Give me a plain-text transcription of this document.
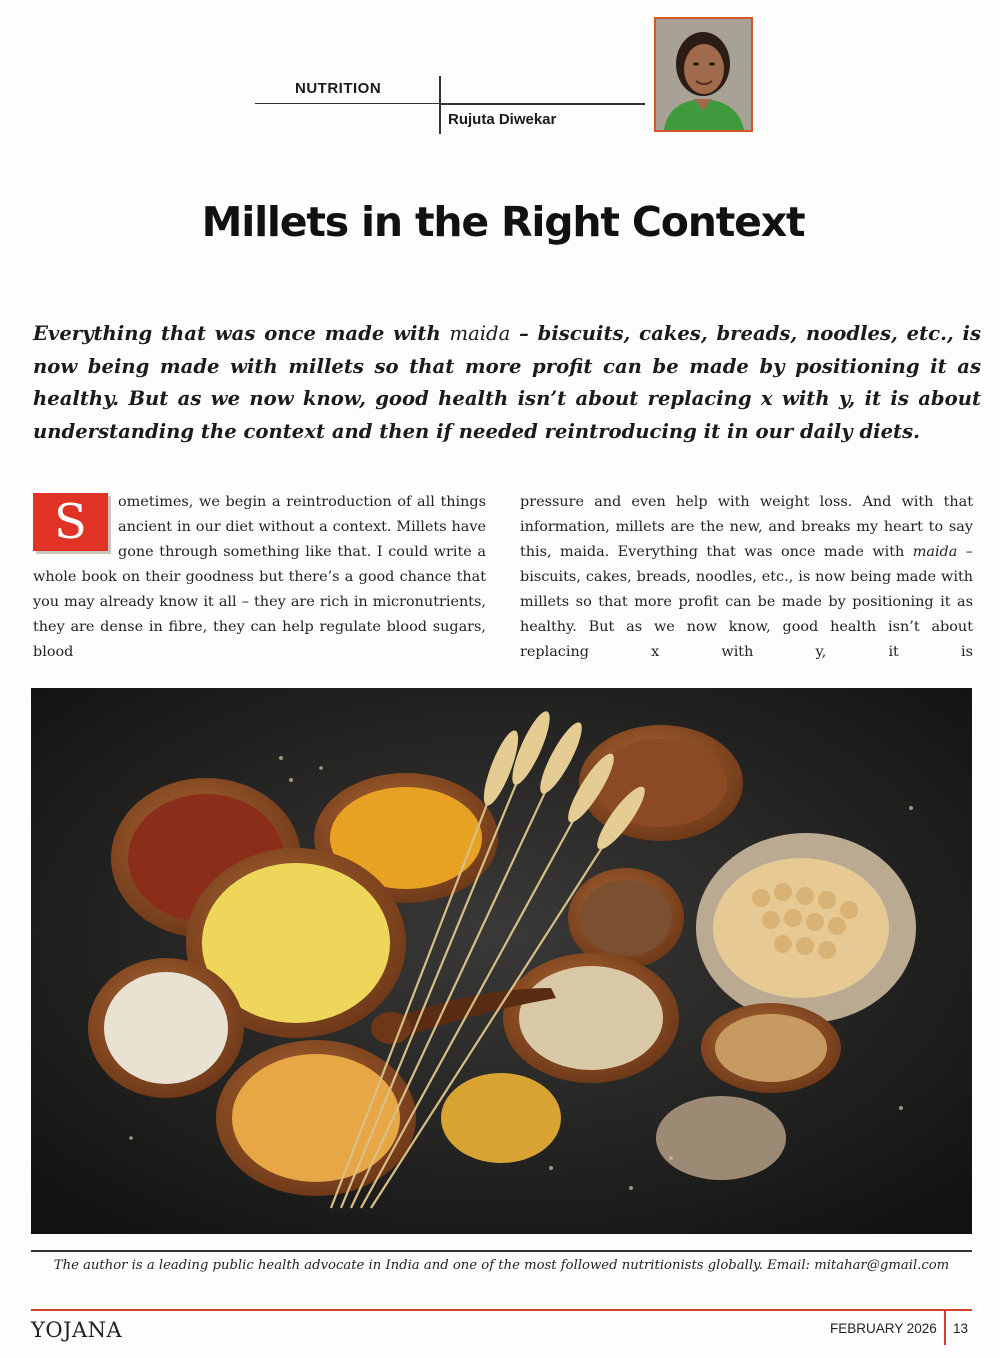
NUTRITION
Rujuta Diwekar
Millets in the Right Context
Everything that was once made with maida – biscuits, cakes, breads, noodles, etc., is now being made with millets so that more profit can be made by positioning it as healthy. But as we now know, good health isn’t about replacing x with y, it is about understanding the context and then if needed reintroducing it in our daily diets.
S	ometimes, we begin a reintroduction of all things ancient in our diet without a context. Millets have gone through something like that. I could write a whole book on their goodness but there’s a good chance that you may already know it all – they are rich in micronutrients, they are dense in fibre, they can help regulate blood sugars, blood

pressure and even help with weight loss. And with that information, millets are the new, and breaks my heart to say this, maida. Everything that was once made with maida – biscuits, cakes, breads, noodles, etc., is now being made with millets so that more profit can be made by positioning it as healthy. But as we now know, good health isn’t about replacing x with y, it is

The author is a leading public health advocate in India and one of the most followed nutritionists globally. Email: mitahar@gmail.com
YOJANA	FEBRUARY 2026 13
